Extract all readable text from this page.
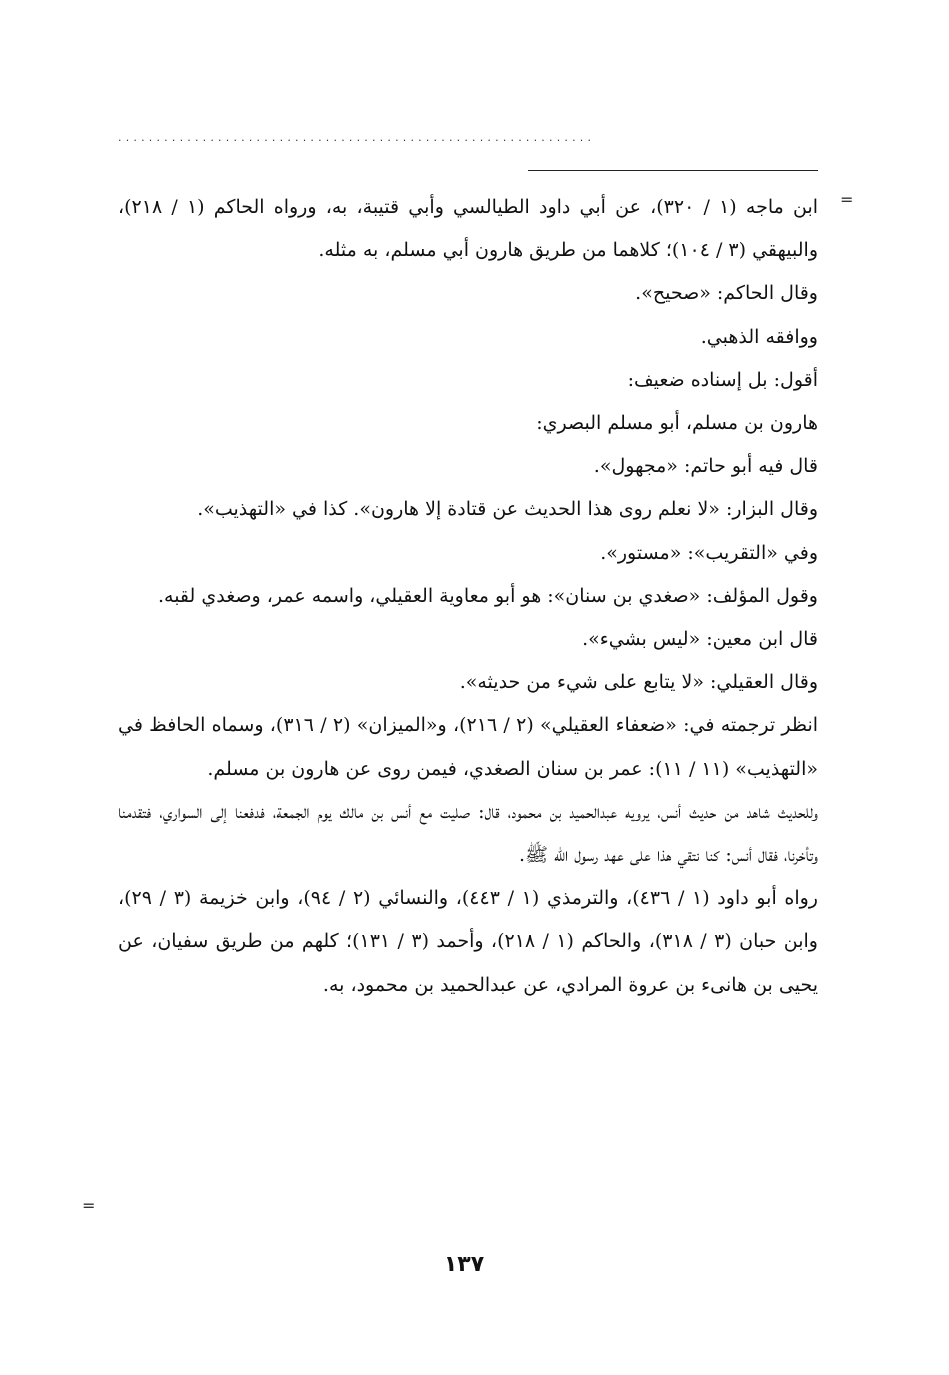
..............................................................
=

ابن ماجه (١ / ٣٢٠)، عن أبي داود الطيالسي وأبي قتيبة، به، ورواه الحاكم (١ / ٢١٨)، والبيهقي (٣ / ١٠٤)؛ كلاهما من طريق هارون أبي مسلم، به مثله.

وقال الحاكم: «صحيح».

ووافقه الذهبي.

أقول: بل إسناده ضعيف:

هارون بن مسلم، أبو مسلم البصري:

قال فيه أبو حاتم: «مجهول».

وقال البزار: «لا نعلم روى هذا الحديث عن قتادة إلا هارون». كذا في «التهذيب».

وفي «التقريب»: «مستور».

وقول المؤلف: «صغدي بن سنان»: هو أبو معاوية العقيلي، واسمه عمر، وصغدي لقبه.

قال ابن معين: «ليس بشيء».

وقال العقيلي: «لا يتابع على شيء من حديثه».

انظر ترجمته في: «ضعفاء العقيلي» (٢ / ٢١٦)، و«الميزان» (٢ / ٣١٦)، وسماه الحافظ في «التهذيب» (١١ / ١١): عمر بن سنان الصغدي، فيمن روى عن هارون بن مسلم.

وللحديث شاهد من حديث أنس، يرويه عبدالحميد بن محمود، قال: صليت مع أنس بن مالك يوم الجمعة، فدفعنا إلى السواري، فتقدمنا وتأخرنا، فقال أنس: كنا نتقي هذا على عهد رسول الله ﷺ.

رواه أبو داود (١ / ٤٣٦)، والترمذي (١ / ٤٤٣)، والنسائي (٢ / ٩٤)، وابن خزيمة (٣ / ٢٩)، وابن حبان (٣ / ٣١٨)، والحاكم (١ / ٢١٨)، وأحمد (٣ / ١٣١)؛ كلهم من طريق سفيان، عن يحيى بن هانىء بن عروة المرادي، عن عبدالحميد بن محمود، به.

=
١٣٧
